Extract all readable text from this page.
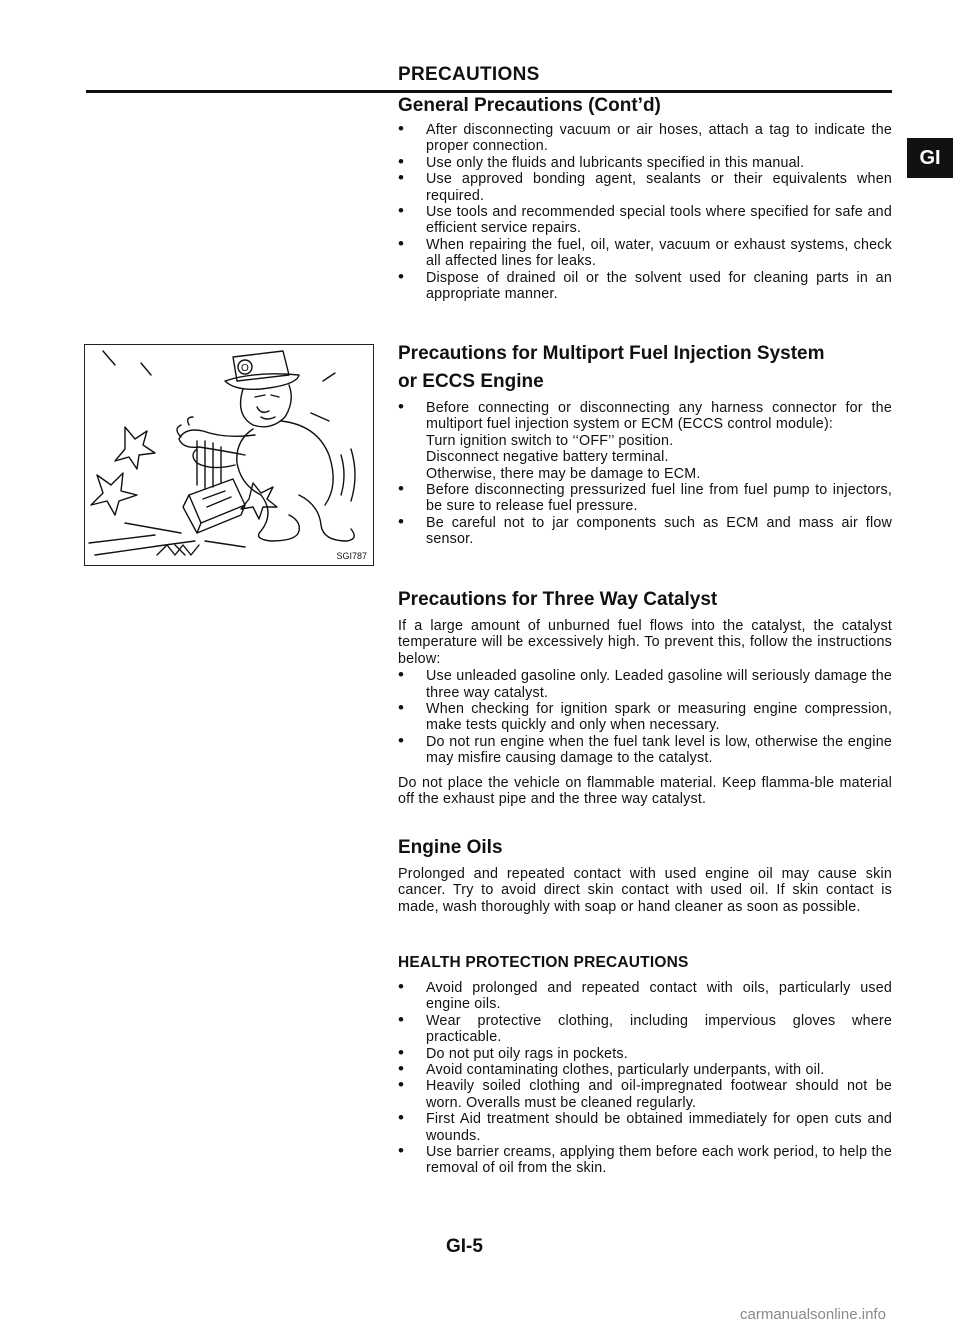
PRECAUTIONS
GI
General Precautions (Cont’d)
• After disconnecting vacuum or air hoses, attach a tag to indicate the proper connection.
• Use only the fluids and lubricants specified in this manual.
• Use approved bonding agent, sealants or their equivalents when required.
• Use tools and recommended special tools where specified for safe and efficient service repairs.
• When repairing the fuel, oil, water, vacuum or exhaust systems, check all affected lines for leaks.
• Dispose of drained oil or the solvent used for cleaning parts in an appropriate manner.
O
SGI787
Precautions for Multiport Fuel Injection System
or ECCS Engine
• Before connecting or disconnecting any harness connector for the multiport fuel injection system or ECM (ECCS control module):
Turn ignition switch to ‘‘OFF’’ position.
Disconnect negative battery terminal.
Otherwise, there may be damage to ECM.
• Before disconnecting pressurized fuel line from fuel pump to injectors, be sure to release fuel pressure.
• Be careful not to jar components such as ECM and mass air flow sensor.
Precautions for Three Way Catalyst

If a large amount of unburned fuel flows into the catalyst, the catalyst temperature will be excessively high. To prevent this, follow the instructions below:

• Use unleaded gasoline only. Leaded gasoline will seriously damage the three way catalyst.
• When checking for ignition spark or measuring engine compression, make tests quickly and only when necessary.
• Do not run engine when the fuel tank level is low, otherwise the engine may misfire causing damage to the catalyst.

Do not place the vehicle on flammable material. Keep flamma-ble material off the exhaust pipe and the three way catalyst.

Engine Oils

Prolonged and repeated contact with used engine oil may cause skin cancer. Try to avoid direct skin contact with used oil. If skin contact is made, wash thoroughly with soap or hand cleaner as soon as possible.

HEALTH PROTECTION PRECAUTIONS
• Avoid prolonged and repeated contact with oils, particularly used engine oils.
• Wear protective clothing, including impervious gloves where practicable.
• Do not put oily rags in pockets.
• Avoid contaminating clothes, particularly underpants, with oil.
• Heavily soiled clothing and oil-impregnated footwear should not be worn. Overalls must be cleaned regularly.
• First Aid treatment should be obtained immediately for open cuts and wounds.
• Use barrier creams, applying them before each work period, to help the removal of oil from the skin.
GI-5
carmanualsonline.info
